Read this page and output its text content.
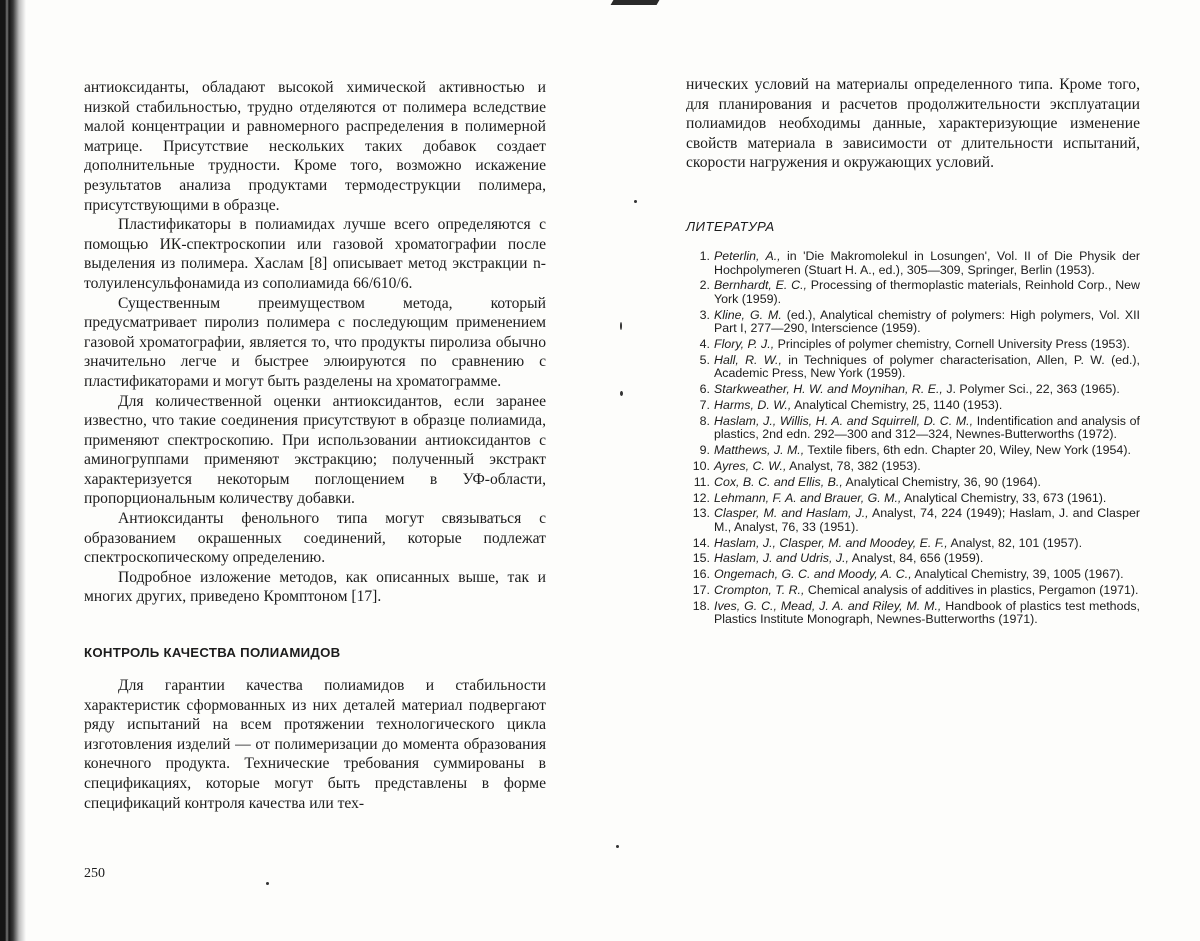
антиоксиданты, обладают высокой химической активностью и низкой стабильностью, трудно отделяются от полимера вследствие малой концентрации и равномерного распределения в полимерной матрице. Присутствие нескольких таких добавок создает дополнительные трудности. Кроме того, возможно искажение результатов анализа продуктами термодеструкции полимера, присутствующими в образце.

Пластификаторы в полиамидах лучше всего определяются с помощью ИК-спектроскопии или газовой хроматографии после выделения из полимера. Хаслам [8] описывает метод экстракции n-толуиленсульфонамида из сополиамида 66/610/6.

Существенным преимуществом метода, который предусматривает пиролиз полимера с последующим применением газовой хроматографии, является то, что продукты пиролиза обычно значительно легче и быстрее элюируются по сравнению с пластификаторами и могут быть разделены на хроматограмме.

Для количественной оценки антиоксидантов, если заранее известно, что такие соединения присутствуют в образце полиамида, применяют спектроскопию. При использовании антиоксидантов с аминогруппами применяют экстракцию; полученный экстракт характеризуется некоторым поглощением в УФ-области, пропорциональным количеству добавки.

Антиоксиданты фенольного типа могут связываться с образованием окрашенных соединений, которые подлежат спектроскопическому определению.

Подробное изложение методов, как описанных выше, так и многих других, приведено Кромптоном [17].

КОНТРОЛЬ КАЧЕСТВА ПОЛИАМИДОВ

Для гарантии качества полиамидов и стабильности характеристик сформованных из них деталей материал подвергают ряду испытаний на всем протяжении технологического цикла изготовления изделий — от полимеризации до момента образования конечного продукта. Технические требования суммированы в спецификациях, которые могут быть представлены в форме спецификаций контроля качества или тех-

250

нических условий на материалы определенного типа. Кроме того, для планирования и расчетов продолжительности эксплуатации полиамидов необходимы данные, характеризующие изменение свойств материала в зависимости от длительности испытаний, скорости нагружения и окружающих условий.

ЛИТЕРАТУРА
1. Peterlin, A., in 'Die Makromolekul in Losungen', Vol. II of Die Physik der Hochpolymeren (Stuart H. A., ed.), 305—309, Springer, Berlin (1953).
2. Bernhardt, E. C., Processing of thermoplastic materials, Reinhold Corp., New York (1959).
3. Kline, G. M. (ed.), Analytical chemistry of polymers: High polymers, Vol. XII Part I, 277—290, Interscience (1959).
4. Flory, P. J., Principles of polymer chemistry, Cornell University Press (1953).
5. Hall, R. W., in Techniques of polymer characterisation, Allen, P. W. (ed.), Academic Press, New York (1959).
6. Starkweather, H. W. and Moynihan, R. E., J. Polymer Sci., 22, 363 (1965).
7. Harms, D. W., Analytical Chemistry, 25, 1140 (1953).
8. Haslam, J., Willis, H. A. and Squirrell, D. C. M., Indentification and analysis of plastics, 2nd edn. 292—300 and 312—324, Newnes-Butterworths (1972).
9. Matthews, J. M., Textile fibers, 6th edn. Chapter 20, Wiley, New York (1954).
10. Ayres, C. W., Analyst, 78, 382 (1953).
11. Cox, B. C. and Ellis, B., Analytical Chemistry, 36, 90 (1964).
12. Lehmann, F. A. and Brauer, G. M., Analytical Chemistry, 33, 673 (1961).
13. Clasper, M. and Haslam, J., Analyst, 74, 224 (1949); Haslam, J. and Clasper M., Analyst, 76, 33 (1951).
14. Haslam, J., Clasper, M. and Moodey, E. F., Analyst, 82, 101 (1957).
15. Haslam, J. and Udris, J., Analyst, 84, 656 (1959).
16. Ongemach, G. C. and Moody, A. C., Analytical Chemistry, 39, 1005 (1967).
17. Crompton, T. R., Chemical analysis of additives in plastics, Pergamon (1971).
18. Ives, G. C., Mead, J. A. and Riley, M. M., Handbook of plastics test methods, Plastics Institute Monograph, Newnes-Butterworths (1971).
